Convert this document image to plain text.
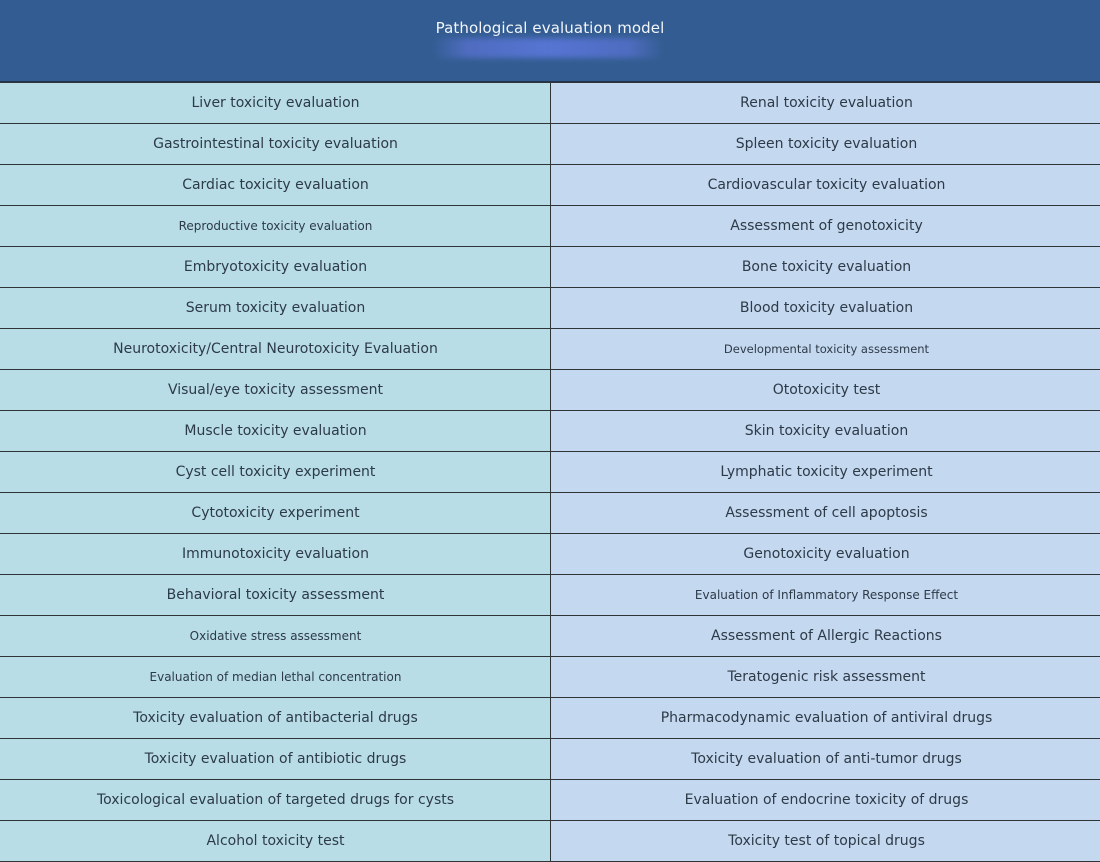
Pathological evaluation model
Liver toxicity evaluation	Renal toxicity evaluation
Gastrointestinal toxicity evaluation	Spleen toxicity evaluation
Cardiac toxicity evaluation	Cardiovascular toxicity evaluation
Reproductive toxicity evaluation	Assessment of genotoxicity
Embryotoxicity evaluation	Bone toxicity evaluation
Serum toxicity evaluation	Blood toxicity evaluation
Neurotoxicity/Central Neurotoxicity Evaluation	Developmental toxicity assessment
Visual/eye toxicity assessment	Ototoxicity test
Muscle toxicity evaluation	Skin toxicity evaluation
Cyst cell toxicity experiment	Lymphatic toxicity experiment
Cytotoxicity experiment	Assessment of cell apoptosis
Immunotoxicity evaluation	Genotoxicity evaluation
Behavioral toxicity assessment	Evaluation of Inflammatory Response Effect
Oxidative stress assessment	Assessment of Allergic Reactions
Evaluation of median lethal concentration	Teratogenic risk assessment
Toxicity evaluation of antibacterial drugs	Pharmacodynamic evaluation of antiviral drugs
Toxicity evaluation of antibiotic drugs	Toxicity evaluation of anti-tumor drugs
Toxicological evaluation of targeted drugs for cysts	Evaluation of endocrine toxicity of drugs
Alcohol toxicity test	Toxicity test of topical drugs
